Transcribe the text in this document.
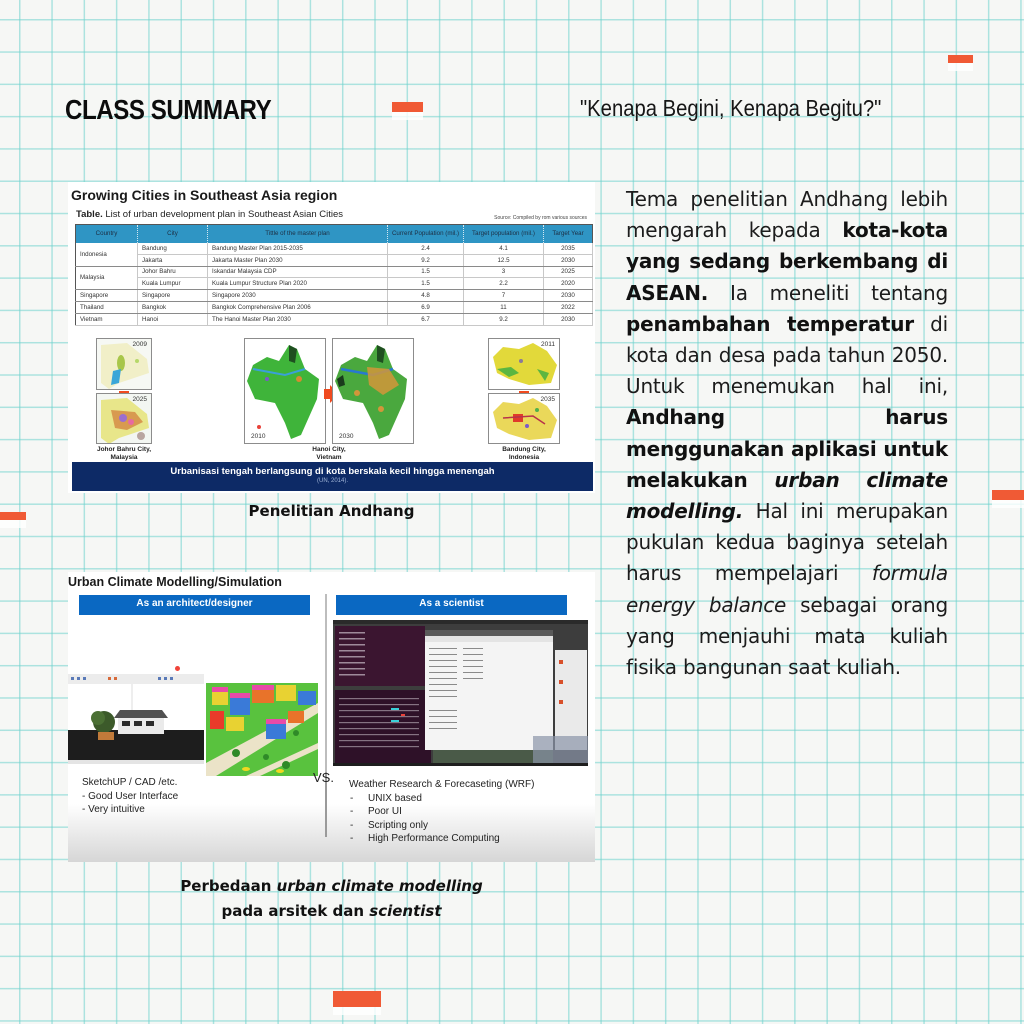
CLASS SUMMARY	"Kenapa Begini, Kenapa Begitu?"
Growing Cities in Southeast Asia region
Table. List of urban development plan in Southeast Asian Cities	Source: Compiled by rom various sources
Country	City	Tittle of the master plan	Current Population (mil.)	Target population (mil.)	Target Year
Indonesia	Bandung	Bandung Master Plan 2015-2035	2.4	4.1	2035
	Jakarta	Jakarta Master Plan 2030	9.2	12.5	2030
Malaysia	Johor Bahru	Iskandar Malaysia CDP	1.5	3	2025
	Kuala Lumpur	Kuala Lumpur Structure Plan 2020	1.5	2.2	2020
Singapore	Singapore	Singapore 2030	4.8	7	2030
Thailand	Bangkok	Bangkok Comprehensive Plan 2006	6.9	11	2022
Vietnam	Hanoi	The Hanoi Master Plan 2030	6.7	9.2	2030
2009
2025
Johor Bahru City,
Malaysia
2010	2030
Hanoi City,
Vietnam
2011
2035
Bandung City,
Indonesia
Urbanisasi tengah berlangsung di kota berskala kecil hingga menengah
(UN, 2014).
Penelitian Andhang
Urban Climate Modelling/Simulation
As an architect/designer	As a scientist
VS.
SketchUP / CAD /etc.
- Good User Interface
- Very intuitive
Weather Research & Forecaseting (WRF)
-	UNIX based
-	Poor UI
-	Scripting only
-	High Performance Computing
Perbedaan urban climate modelling
pada arsitek dan scientist
Tema penelitian Andhang lebih mengarah kepada kota-kota yang sedang berkembang di ASEAN. Ia meneliti tentang penambahan temperatur di kota dan desa pada tahun 2050. Untuk menemukan hal ini, Andhang harus menggunakan aplikasi untuk melakukan urban climate modelling. Hal ini merupakan pukulan kedua baginya setelah harus mempelajari formula energy balance sebagai orang yang menjauhi mata kuliah fisika bangunan saat kuliah.
